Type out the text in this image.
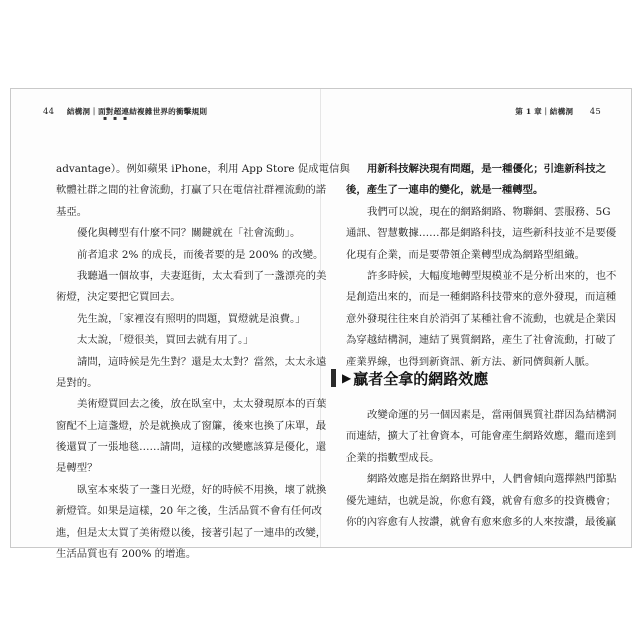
44 結構洞｜面對超連結複雜世界的衝擊規則
▪ ▪ ▪
advantage）。例如蘋果 iPhone，利用 App Store 促成電信與
軟體社群之間的社會流動，打贏了只在電信社群裡流動的諾
基亞。
優化與轉型有什麼不同？關鍵就在「社會流動」。
前者追求 2% 的成長，而後者要的是 200% 的改變。
我聽過一個故事，夫妻逛街，太太看到了一盞漂亮的美
術燈，決定要把它買回去。
先生說，「家裡沒有照明的問題，買燈就是浪費。」
太太說，「燈很美，買回去就有用了。」
請問，這時候是先生對？還是太太對？當然，太太永遠
是對的。
美術燈買回去之後，放在臥室中，太太發現原本的百葉
窗配不上這盞燈，於是就換成了窗簾，後來也換了床單，最
後還買了一張地毯……請問，這樣的改變應該算是優化，還
是轉型？
臥室本來裝了一盞日光燈，好的時候不用換，壞了就換
新燈管。如果是這樣，20 年之後，生活品質不會有任何改
進，但是太太買了美術燈以後，接著引起了一連串的改變，
生活品質也有 200% 的增進。
第 1 章｜結構洞 45
用新科技解決現有問題，是一種優化；引進新科技之
後，產生了一連串的變化，就是一種轉型。
我們可以說，現在的網路網路、物聯網、雲服務、5G
通訊、智慧數據……都是網路科技，這些新科技並不是要優
化現有企業，而是要帶領企業轉型成為網路型組織。
許多時候，大幅度地轉型規模並不是分析出來的，也不
是創造出來的，而是一種網路科技帶來的意外發現，而這種
意外發現往往來自於消弭了某種社會不流動，也就是企業因
為穿越結構洞，連結了異質網路，產生了社會流動，打破了
產業界線，也得到新資訊、新方法、新同儕與新人脈。
▶ 贏者全拿的網路效應
改變命運的另一個因素是，當兩個異質社群因為結構洞
而連結，擴大了社會資本，可能會產生網路效應，繼而達到
企業的指數型成長。
網路效應是指在網路世界中，人們會傾向選擇熱門節點
優先連結，也就是說，你愈有錢，就會有愈多的投資機會；
你的內容愈有人按讚，就會有愈來愈多的人來按讚，最後贏
